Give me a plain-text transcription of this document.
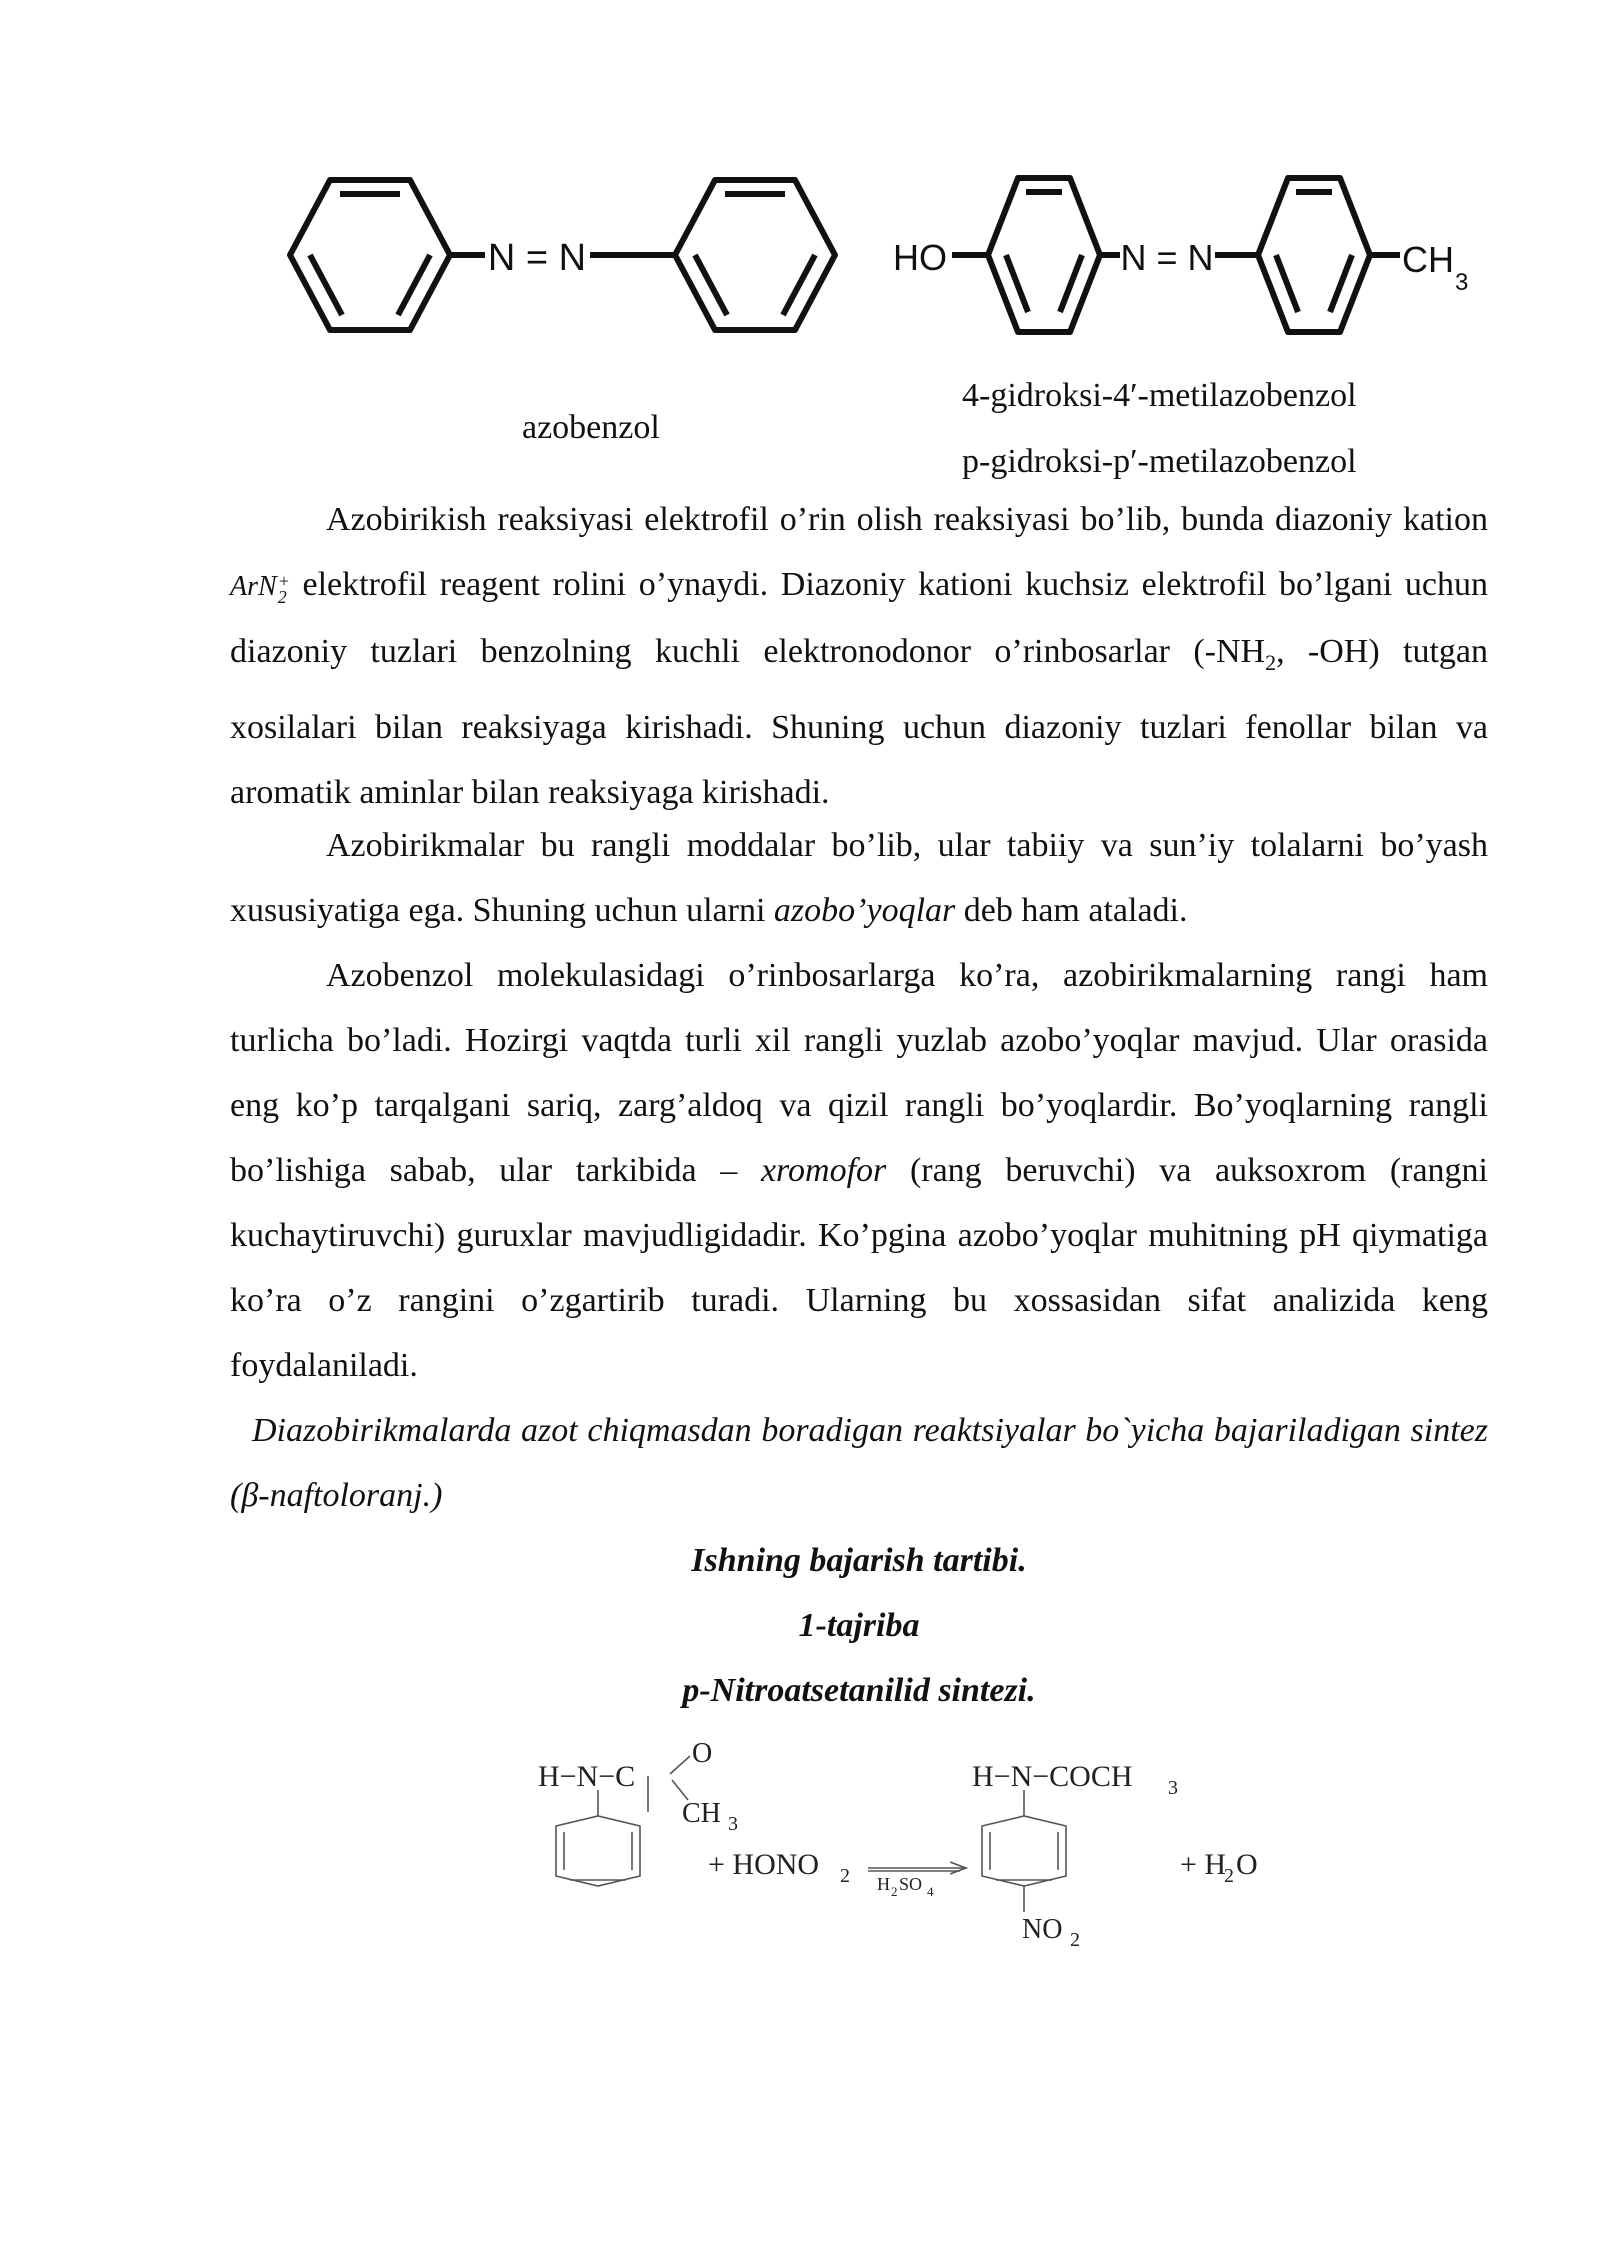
N = N	HO	N = N	CH
3
azobenzol
4-gidroksi-4′-metilazobenzol
p-gidroksi-p′-metilazobenzol

Azobirikish reaksiyasi elektrofil o’rin olish reaksiyasi bo’lib, bunda diazoniy kation ArN +
2 elektrofil reagent rolini o’ynaydi. Diazoniy kationi kuchsiz elektrofil bo’lgani uchun diazoniy tuzlari benzolning kuchli elektronodonor o’rinbosarlar ($-NH_2$, -OH) tutgan xosilalari bilan reaksiyaga kirishadi. Shuning uchun diazoniy tuzlari fenollar bilan va aromatik aminlar bilan reaksiyaga kirishadi.

Azobirikmalar bu rangli moddalar bo’lib, ular tabiiy va sun’iy tolalarni bo’yash xususiyatiga ega. Shuning uchun ularni azobo’yoqlar deb ham ataladi.

Azobenzol molekulasidagi o’rinbosarlarga ko’ra, azobirikmalarning rangi ham turlicha bo’ladi. Hozirgi vaqtda turli xil rangli yuzlab azobo’yoqlar mavjud. Ular orasida eng ko’p tarqalgani sariq, zarg’aldoq va qizil rangli bo’yoqlardir. Bo’yoqlarning rangli bo’lishiga sabab, ular tarkibida – xromofor (rang beruvchi) va auksoxrom (rangni kuchaytiruvchi) guruxlar mavjudligidadir. Ko’pgina azobo’yoqlar muhitning pH qiymatiga ko’ra o’z rangini o’zgartirib turadi. Ularning bu xossasidan sifat analizida keng foydalaniladi.

Diazobirikmalarda azot chiqmasdan boradigan reaktsiyalar bo`yicha bajariladigan sintez (β-naftoloranj.)

Ishning bajarish tartibi.
1-tajriba
p-Nitroatsetanilid sintezi.
H−N−C
O
CH 3
+ HONO 2 H 2 SO 4
H−N−COCH 3
+ H
2 O
NO 2
